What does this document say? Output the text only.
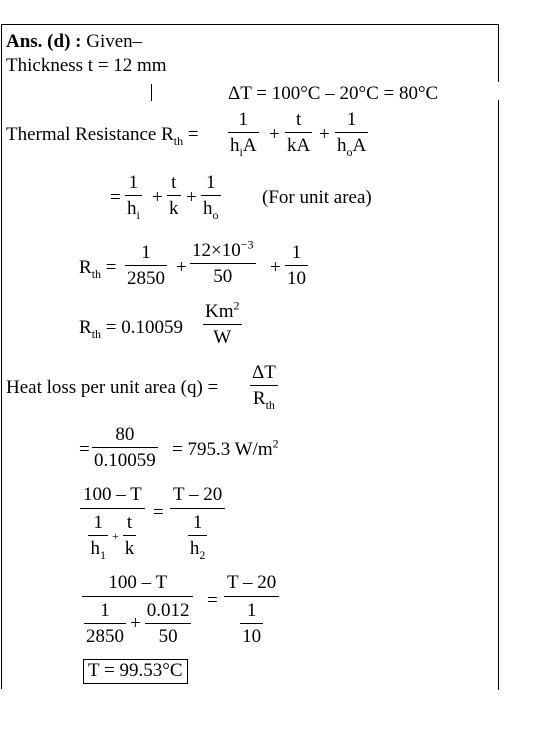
Ans. (d) : Given–
Thickness t = 12 mm
ΔT = 100°C – 20°C = 80°C
Thermal Resistance $R_{th}$ =
1
$h_iA$
+
t
kA
+
1
$h_oA$
=
1
$h_i$
+
t
k
+
1
$h_o$
(For unit area)
$R_{th}$ =
1
2850
+
$12\times 10^{-3}$
50 +
1
10
$R_{th} = 0.10059$
Km$^2$
W
Heat loss per unit area (q) =
ΔT
$R_{th}$
=
80
0.10059
= 795.3 $W/m^2$
100 – T
$\frac{1}{h_1} + \frac{t}{k}$
=
T – 20
$\frac{1}{h_2}$
100 – T
$\frac{1}{2850} + \frac{0.012}{50}$
=
T – 20
$\frac{1}{10}$
T = 99.53°C
